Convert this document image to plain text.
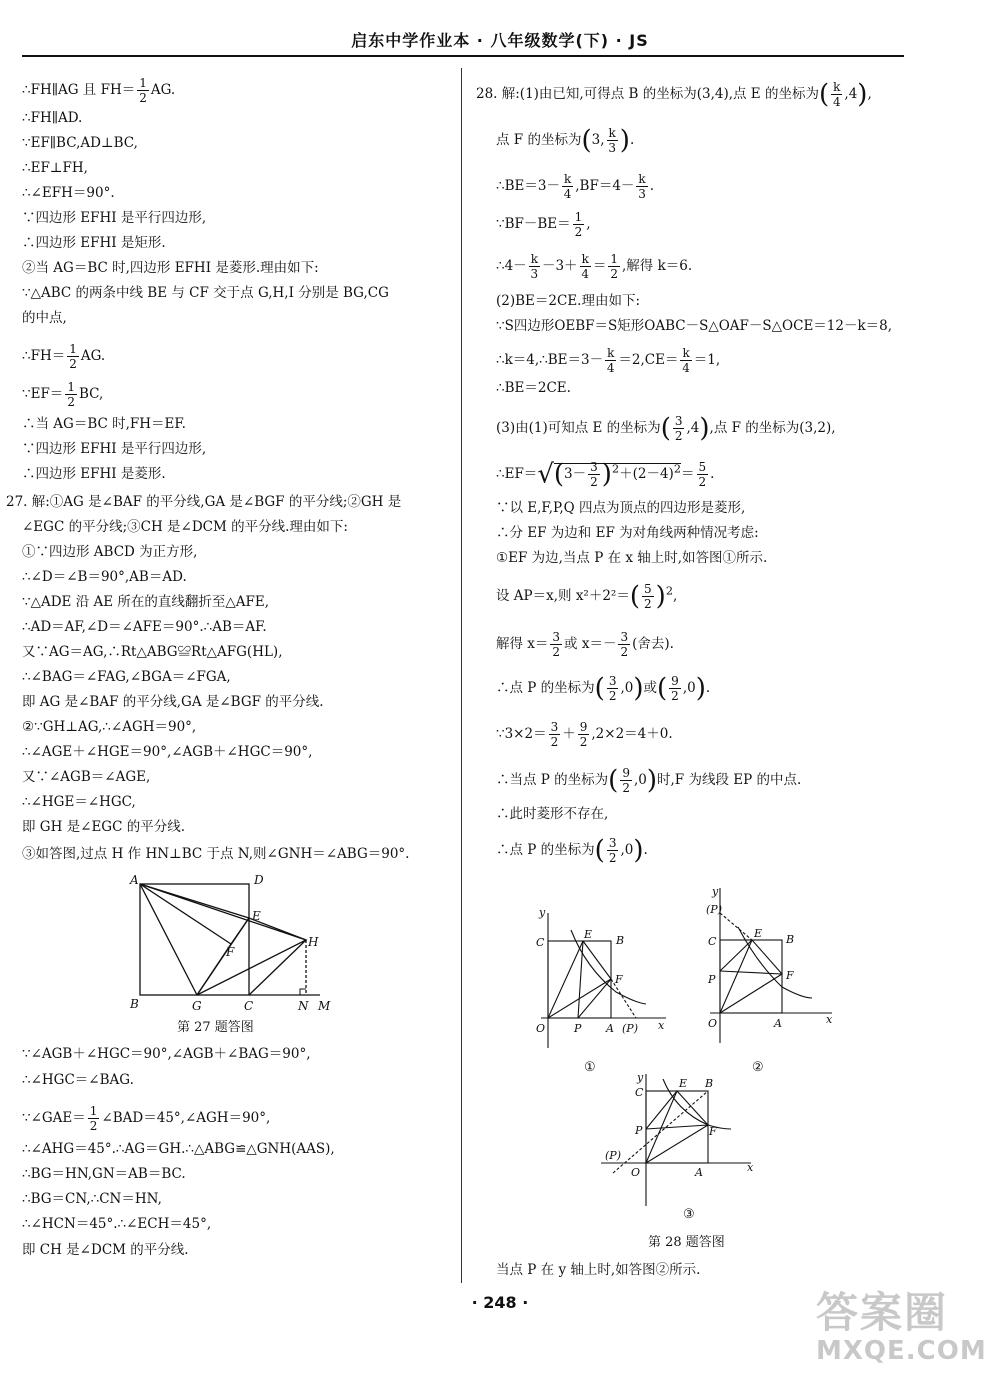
启东中学作业本 · 八年级数学(下) · JS
∴FH∥AG 且 $FH= \frac{1}{2}$ AG.
∴FH∥AD.
∵EF∥BC,AD⊥BC,
∴EF⊥FH,
∴∠EFH＝90°.
∵四边形 EFHI 是平行四边形,
∴四边形 EFHI 是矩形.
②当 AG＝BC 时,四边形 EFHI 是菱形.理由如下:
∵△ABC 的两条中线 BE 与 CF 交于点 G,H,I 分别是 BG,CG
的中点,
∴FH＝ $\frac{1}{2}$ AG.
∵EF＝ $\frac{1}{2}$ BC,
∴当 AG＝BC 时,FH＝EF.
∵四边形 EFHI 是平行四边形,
∴四边形 EFHI 是菱形.
27. 解:①AG 是∠BAF 的平分线,GA 是∠BGF 的平分线;②GH 是
∠EGC 的平分线;③CH 是∠DCM 的平分线.理由如下:
①∵四边形 ABCD 为正方形,
∴∠D＝∠B＝90°,AB＝AD.
∵△ADE 沿 AE 所在的直线翻折至△AFE,
∴AD＝AF,∠D＝∠AFE＝90°.∴AB＝AF.
又∵AG＝AG,∴Rt△ABG≌Rt△AFG(HL),
∴∠BAG＝∠FAG,∠BGA＝∠FGA,
即 AG 是∠BAF 的平分线,GA 是∠BGF 的平分线.
②∵GH⊥AG,∴∠AGH＝90°,
∴∠AGE＋∠HGE＝90°,∠AGB＋∠HGC＝90°,
又∵∠AGB＝∠AGE,
∴∠HGE＝∠HGC,
即 GH 是∠EGC 的平分线.
③如答图,过点 H 作 HN⊥BC 于点 N,则∠GNH＝∠ABG＝90°.
A	D
E
H
F
B	G	C	N M
第 27 题答图
∵∠AGB＋∠HGC＝90°,∠AGB＋∠BAG＝90°,
∴∠HGC＝∠BAG.
∵∠GAE＝ $\frac{1}{2}$ ∠BAD＝45°,∠AGH＝90°,
∴∠AHG＝45°.∴AG＝GH.∴△ABG≌△GNH(AAS),
∴BG＝HN,GN＝AB＝BC.
∴BG＝CN,∴CN＝HN,
∴∠HCN＝45°.∴∠ECH＝45°,
即 CH 是∠DCM 的平分线.
28. 解:(1)由已知,可得点 B 的坐标为(3,4),点 E 的坐标为( $\frac{k}{4} ,4$),
点 F 的坐标为(3, $\frac{k}{3}$ ).
∴BE＝3－ $\frac{k}{4} ,BF=4- \frac{k}{3}$ .
∵BF－BE＝ $\frac{1}{2}$ ,
∴4－ $\frac{k}{3} -3+ \frac{k}{4} = \frac{1}{2}$ ,解得 k＝6.
(2)BE＝2CE.理由如下:
∵S四边形OEBF＝S矩形OABC－S△OAF－S△OCE＝12－k＝8,
∴k＝4,∴BE＝3－ $\frac{k}{4} =2,CE= \frac{k}{4} =1$,
∴BE＝2CE.
(3)由(1)可知点 E 的坐标为( $\frac{3}{2} ,4$),点 F 的坐标为(3,2),
∴EF＝√(3－ $\frac{3}{2} )^2+(2-4)^2= \frac{5}{2}$ .
∵以 E,F,P,Q 四点为顶点的四边形是菱形,
∴分 EF 为边和 EF 为对角线两种情况考虑:
①EF 为边,当点 P 在 x 轴上时,如答图①所示.
设 AP＝x,则 $x^2+2^2=( \frac{5}{2} )^2$,
解得 $x= \frac{3}{2}$ 或 $x=- \frac{3}{2}$ (舍去).
∴点 P 的坐标为( $\frac{3}{2} ,0$)或( $\frac{9}{2} ,0$).
∵3×2＝ $\frac{3}{2} + \frac{9}{2} ,2\times 2=4+0$.
∴当点 P 的坐标为( $\frac{9}{2} ,0$)时,F 为线段 EP 的中点.
∴此时菱形不存在,
∴点 P 的坐标为( $\frac{3}{2} ,0$).
y
C
E B
F
O	P A (P) x
①
y
(P)
C
E B
F
P
O	A	x
②
y
C
E B
F
P
(P)
O	A	x
③
第 28 题答图
当点 P 在 y 轴上时,如答图②所示.
· 248 ·	答案圈
MXQE.COM
